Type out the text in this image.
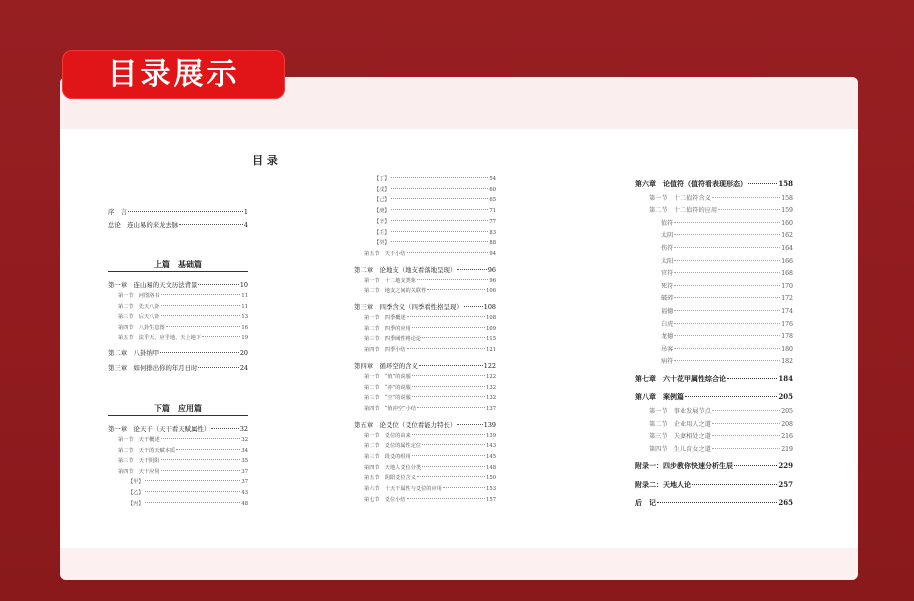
目 录
序　言	1
总论　连山易的来龙去脉	4
上篇　基础篇
第一章　连山易的天文历法背景	10
第一节　河图洛书	11
第二节　先天八卦	11
第三节　后天八卦	13
第四节　八卦生息图	16
第五节　法乎天、应乎地、天上地下	19
第二章　八卦纳甲	20
第三章　如何排出你的年月日时	24
下篇　应用篇
第一章　论天干（天干看天赋属性）	32
第一节　天干概述	32
第二节　天干的天赋本质	34
第三节　天干阴阳	35
第四节　天干应用	37
【甲】	37
【乙】	43
【丙】	48
【丁】	54
【戊】	60
【己】	65
【庚】	71
【辛】	77
【壬】	83
【癸】	88
第五节　天干小结	94
第二章　论地支（地支看落地呈现）	96
第一节　十二地支类象	96
第二节　地支之间的关联性	106
第三章　四季含义（四季看性格呈现）	108
第一节　四季概述	108
第二节　四季的应用	109
第三节　四季阈性格论论	115
第四节　四季小结	121
第四章　循环空的含义	122
第一节　“值”的说服	122
第二节　“冲”的说服	132
第三节　“空”的说服	132
第四节　“值冲空”小结	137
第五章　论爻位（爻位看能力特长）	139
第一节　爻位的由来	139
第二节　爻位的属性定位	143
第三节　段爻的组用	145
第四节　天地人爻位分类	148
第五节　阴阳爻位含义	150
第六节　十天干属性与爻位的应用	153
第七节　爻位小结	157
第六章　论值符（值符看表现形态）	158
第一节　十二值符含义	158
第二节　十二值符的应用	159
值符	160
太阴	162
伤符	164
太阳	166
官符	168
死符	170
破碎	172
福德	174
白虎	176
龙德	178
吊客	180
病符	182
第七章　六十花甲属性综合论	184
第八章　案例篇	205
第一节　事业发展节点	205
第二节　企业用人之道	208
第三节　夫妻相处之道	216
第四节　生儿育女之道	219
附录一：四步教你快速分析生辰	229
附录二：天地人论	257
后　记	265
目录展示
